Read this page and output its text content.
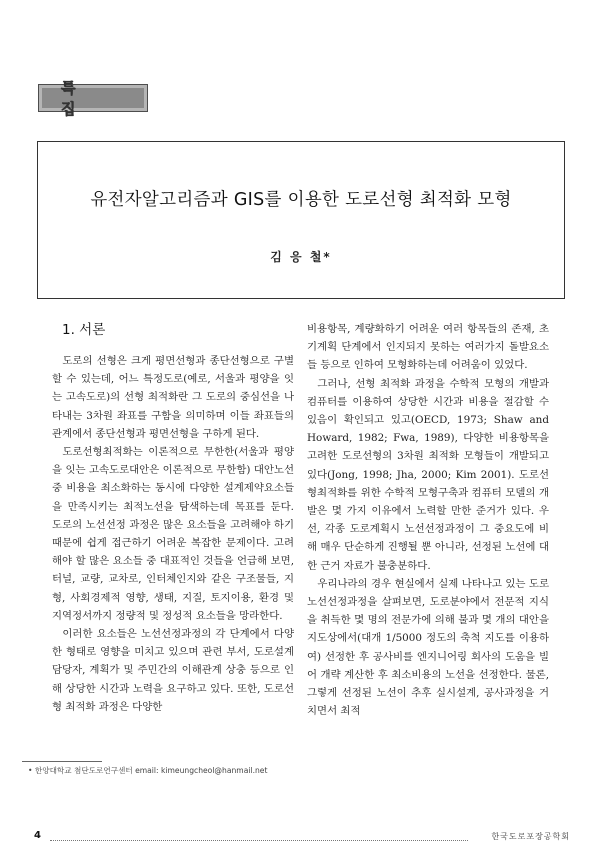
특 집
유전자알고리즘과 GIS를 이용한 도로선형 최적화 모형
김 응 철*
1. 서론

도로의 선형은 크게 평면선형과 종단선형으로 구별할 수 있는데, 어느 특정도로(예로, 서울과 평양을 잇는 고속도로)의 선형 최적화란 그 도로의 중심선을 나타내는 3차원 좌표를 구함을 의미하며 이들 좌표들의 관계에서 종단선형과 평면선형을 구하게 된다.

도로선형최적화는 이론적으로 무한한(서울과 평양을 잇는 고속도로대안은 이론적으로 무한함) 대안노선중 비용을 최소화하는 동시에 다양한 설계제약요소들을 만족시키는 최적노선을 탐색하는데 목표를 둔다. 도로의 노선선정 과정은 많은 요소들을 고려해야 하기 때문에 쉽게 접근하기 어려운 복잡한 문제이다. 고려해야 할 많은 요소들 중 대표적인 것들을 언급해 보면, 터널, 교량, 교차로, 인터체인지와 같은 구조물들, 지형, 사회경제적 영향, 생태, 지질, 토지이용, 환경 및 지역정서까지 정량적 및 정성적 요소들을 망라한다.

이러한 요소들은 노선선정과정의 각 단계에서 다양한 형태로 영향을 미치고 있으며 관련 부서, 도로설계 담당자, 계획가 및 주민간의 이해관계 상충 등으로 인해 상당한 시간과 노력을 요구하고 있다. 또한, 도로선형 최적화 과정은 다양한

비용항목, 계량화하기 어려운 여러 항목들의 존재, 초기계획 단계에서 인지되지 못하는 여러가지 돌발요소들 등으로 인하여 모형화하는데 어려움이 있었다.

그러나, 선형 최적화 과정을 수학적 모형의 개발과 컴퓨터를 이용하여 상당한 시간과 비용을 절감할 수 있음이 확인되고 있고(OECD, 1973; Shaw and Howard, 1982; Fwa, 1989), 다양한 비용항목을 고려한 도로선형의 3차원 최적화 모형들이 개발되고 있다(Jong, 1998; Jha, 2000; Kim 2001). 도로선형최적화를 위한 수학적 모형구축과 컴퓨터 모델의 개발은 몇 가지 이유에서 노력할 만한 준거가 있다. 우선, 각종 도로계획시 노선선정과정이 그 중요도에 비해 매우 단순하게 진행될 뿐 아니라, 선정된 노선에 대한 근거 자료가 불충분하다.

우리나라의 경우 현실에서 실제 나타나고 있는 도로노선선정과정을 살펴보면, 도로분야에서 전문적 지식을 취득한 몇 명의 전문가에 의해 불과 몇 개의 대안을 지도상에서(대개 1/5000 정도의 축척 지도를 이용하여) 선정한 후 공사비를 엔지니어링 회사의 도움을 빌어 개략 계산한 후 최소비용의 노선을 선정한다. 물론, 그렇게 선정된 노선이 추후 실시설계, 공사과정을 거치면서 최적

• 한양대학교 첨단도로연구센터 email: kimeungcheol@hanmail.net
4	한국도로포장공학회
